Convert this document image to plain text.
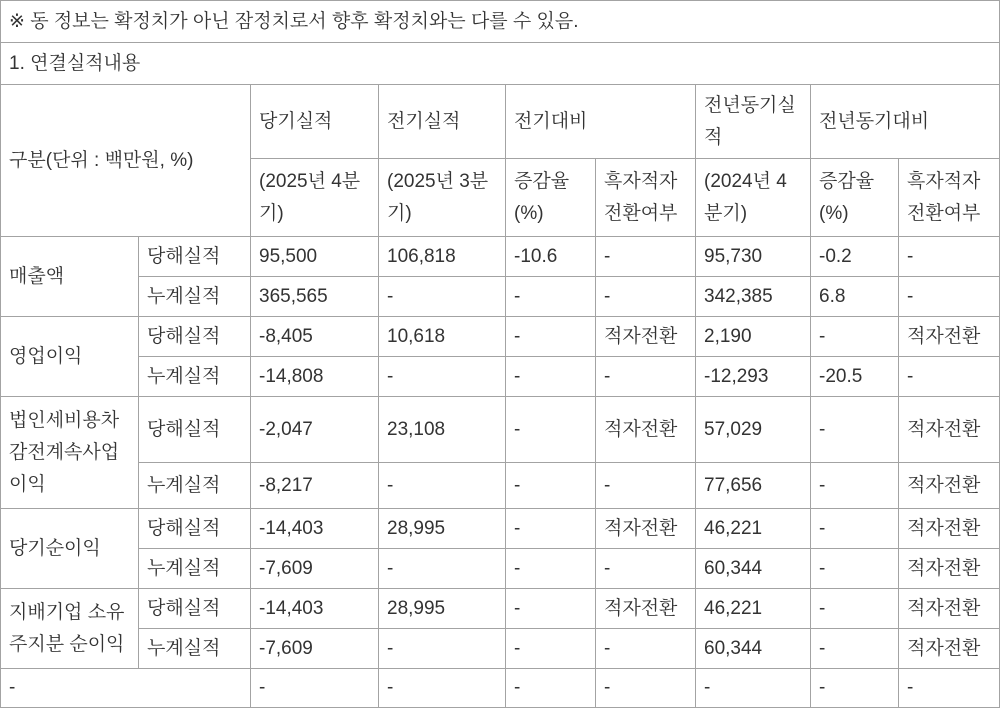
※ 동 정보는 확정치가 아닌 잠정치로서 향후 확정치와는 다를 수 있음.								
1. 연결실적내용								
구분(단위 : 백만원, %)		당기실적	전기실적	전기대비		전년동기실적	전년동기대비	
		(2025년 4분기)	(2025년 3분기)	증감율(%)	흑자적자전환여부	(2024년 4분기)	증감율(%)	흑자적자전환여부
매출액	당해실적	95,500	106,818	-10.6	-	95,730	-0.2	-
	누계실적	365,565	-	-	-	342,385	6.8	-
영업이익	당해실적	-8,405	10,618	-	적자전환	2,190	-	적자전환
	누계실적	-14,808	-	-	-	-12,293	-20.5	-
법인세비용차감전계속사업이익	당해실적	-2,047	23,108	-	적자전환	57,029	-	적자전환
	누계실적	-8,217	-	-	-	77,656	-	적자전환
당기순이익	당해실적	-14,403	28,995	-	적자전환	46,221	-	적자전환
	누계실적	-7,609	-	-	-	60,344	-	적자전환
지배기업 소유주지분 순이익	당해실적	-14,403	28,995	-	적자전환	46,221	-	적자전환
	누계실적	-7,609	-	-	-	60,344	-	적자전환
-		-	-	-	-	-	-	-
